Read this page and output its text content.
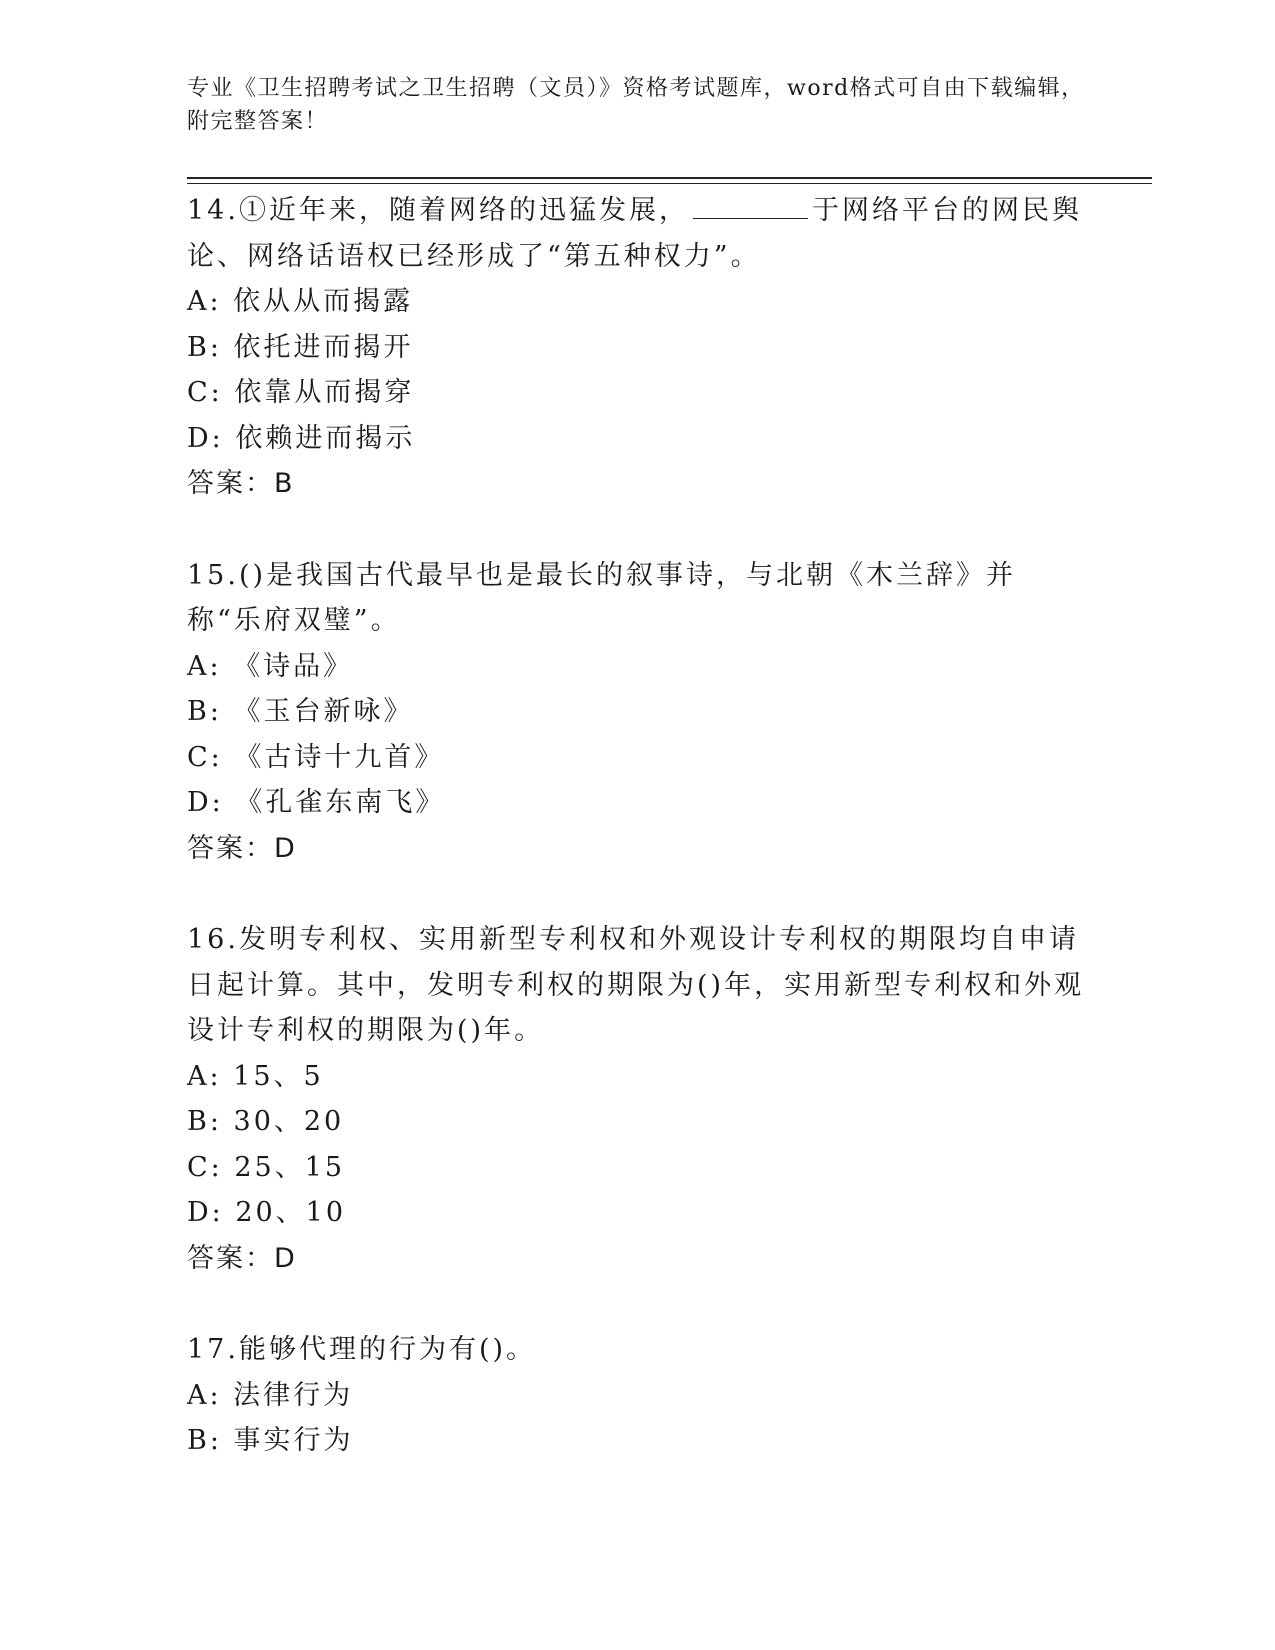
专业《卫生招聘考试之卫生招聘（文员）》资格考试题库，word格式可自由下载编辑，附完整答案！
14.①近年来，随着网络的迅猛发展，	于网络平台的网民舆论、网络话语权已经形成了“第五种权力”。
A: 依从从而揭露
B: 依托进而揭开
C: 依靠从而揭穿
D: 依赖进而揭示
答案：B
15.()是我国古代最早也是最长的叙事诗，与北朝《木兰辞》并称“乐府双璧”。
A: 《诗品》
B: 《玉台新咏》
C: 《古诗十九首》
D: 《孔雀东南飞》
答案：D
16.发明专利权、实用新型专利权和外观设计专利权的期限均自申请日起计算。其中，发明专利权的期限为()年，实用新型专利权和外观设计专利权的期限为()年。
A: 15、5
B: 30、20
C: 25、15
D: 20、10
答案：D
17.能够代理的行为有()。
A: 法律行为
B: 事实行为
